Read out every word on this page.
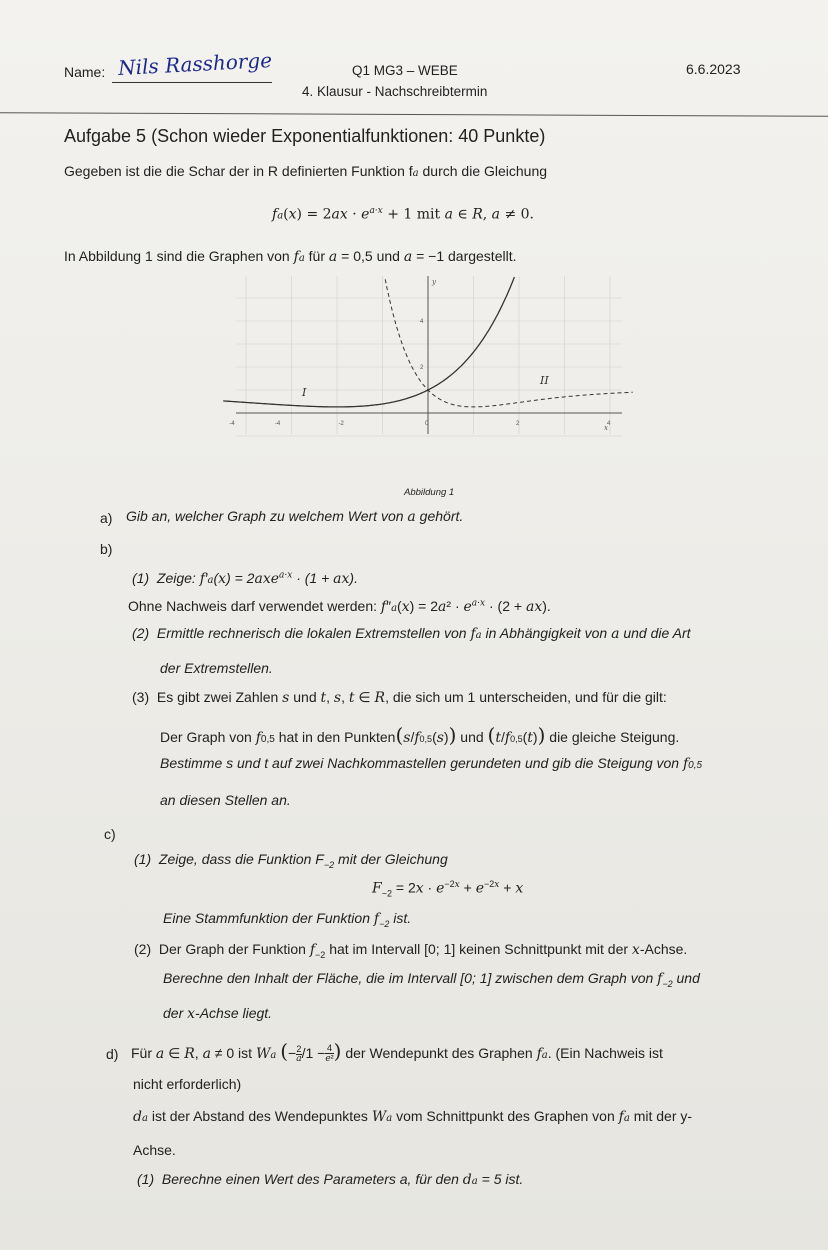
Name: Nils Rasshorge	Q1 MG3 – WEBE
4. Klausur - Nachschreibtermin
6.6.2023
Aufgabe 5 (Schon wieder Exponentialfunktionen: 40 Punkte)
Gegeben ist die die Schar der in R definierten Funktion fa durch die Gleichung
$fa(x) = 2ax \cdot e^{a\cdot x} + 1$ mit a ∈ R, a ≠ 0.
In Abbildung 1 sind die Graphen von fa für a = 0,5 und a = −1 dargestellt.
-4	-4	-2	0	2	4
2
4
I
II
x
y
Abbildung 1
a) Gib an, welcher Graph zu welchem Wert von a gehört.
b)
(1)  Zeige: f′a(x) = 2axe$^{a\cdot x}$ · (1 + ax).
Ohne Nachweis darf verwendet werden: $f''a(x) = 2a^2 \cdot e^{a\cdot x} \cdot (2 + ax)$.
(2)  Ermittle rechnerisch die lokalen Extremstellen von fa in Abhängigkeit von a und die Art
der Extremstellen.
(3)  Es gibt zwei Zahlen s und t, s, t ∈ R, die sich um 1 unterscheiden, und für die gilt:
Der Graph von f0,5 hat in den Punkten(s/f0,5(s)) und (t/f0,5(t)) die gleiche Steigung.
Bestimme s und t auf zwei Nachkommastellen gerundeten und gib die Steigung von f0,5
an diesen Stellen an.
c)
(1)  Zeige, dass die Funktion $F_{-2}$ mit der Gleichung
$F_{-2} = 2x \cdot e^{-2x} + e^{-2x} + x$
Eine Stammfunktion der Funktion $f_{-2}$ ist.
(2)  Der Graph der Funktion $f_{-2}$ hat im Intervall [0; 1] keinen Schnittpunkt mit der x-Achse.
Berechne den Inhalt der Fläche, die im Intervall [0; 1] zwischen dem Graph von $f_{-2}$ und
der x-Achse liegt.
d) Für a ∈ R, a ≠ 0 ist Wa (− $\frac{2}{a} /1 - \frac{4}{\text{e²}}$ ) der Wendepunkt des Graphen fa. (Ein Nachweis ist
nicht erforderlich)
da ist der Abstand des Wendepunktes Wa vom Schnittpunkt des Graphen von fa mit der y-
Achse.
(1)  Berechne einen Wert des Parameters a, für den da = 5 ist.
